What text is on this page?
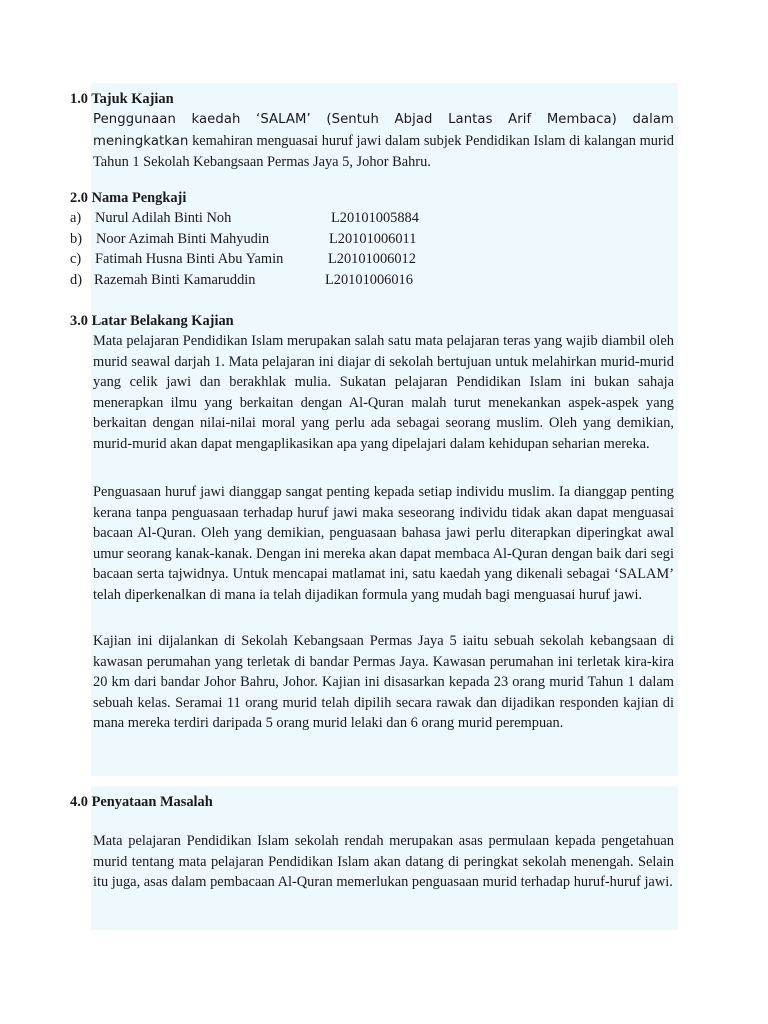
1.0 Tajuk Kajian
Penggunaan kaedah ‘SALAM’ (Sentuh Abjad Lantas Arif Membaca) dalam meningkatkan kemahiran menguasai huruf jawi dalam subjek Pendidikan Islam di kalangan murid Tahun 1 Sekolah Kebangsaan Permas Jaya 5, Johor Bahru.
2.0 Nama Pengkaji
a) Nurul Adilah Binti Noh	L20101005884
b) Noor Azimah Binti Mahyudin	L20101006011
c) Fatimah Husna Binti Abu Yamin	L20101006012
d) Razemah Binti Kamaruddin	L20101006016
3.0 Latar Belakang Kajian
Mata pelajaran Pendidikan Islam merupakan salah satu mata pelajaran teras yang wajib diambil oleh murid seawal darjah 1. Mata pelajaran ini diajar di sekolah bertujuan untuk melahirkan murid-murid yang celik jawi dan berakhlak mulia. Sukatan pelajaran Pendidikan Islam ini bukan sahaja menerapkan ilmu yang berkaitan dengan Al-Quran malah turut menekankan aspek-aspek yang berkaitan dengan nilai-nilai moral yang perlu ada sebagai seorang muslim. Oleh yang demikian, murid-murid akan dapat mengaplikasikan apa yang dipelajari dalam kehidupan seharian mereka.
Penguasaan huruf jawi dianggap sangat penting kepada setiap individu muslim. Ia dianggap penting kerana tanpa penguasaan terhadap huruf jawi maka seseorang individu tidak akan dapat menguasai bacaan Al-Quran. Oleh yang demikian, penguasaan bahasa jawi perlu diterapkan diperingkat awal umur seorang kanak-kanak. Dengan ini mereka akan dapat membaca Al-Quran dengan baik dari segi bacaan serta tajwidnya. Untuk mencapai matlamat ini, satu kaedah yang dikenali sebagai ‘SALAM’ telah diperkenalkan di mana ia telah dijadikan formula yang mudah bagi menguasai huruf jawi.
Kajian ini dijalankan di Sekolah Kebangsaan Permas Jaya 5 iaitu sebuah sekolah kebangsaan di kawasan perumahan yang terletak di bandar Permas Jaya. Kawasan perumahan ini terletak kira-kira 20 km dari bandar Johor Bahru, Johor. Kajian ini disasarkan kepada 23 orang murid Tahun 1 dalam sebuah kelas. Seramai 11 orang murid telah dipilih secara rawak dan dijadikan responden kajian di mana mereka terdiri daripada 5 orang murid lelaki dan 6 orang murid perempuan.
4.0 Penyataan Masalah
Mata pelajaran Pendidikan Islam sekolah rendah merupakan asas permulaan kepada pengetahuan murid tentang mata pelajaran Pendidikan Islam akan datang di peringkat sekolah menengah. Selain itu juga, asas dalam pembacaan Al-Quran memerlukan penguasaan murid terhadap huruf-huruf jawi.
